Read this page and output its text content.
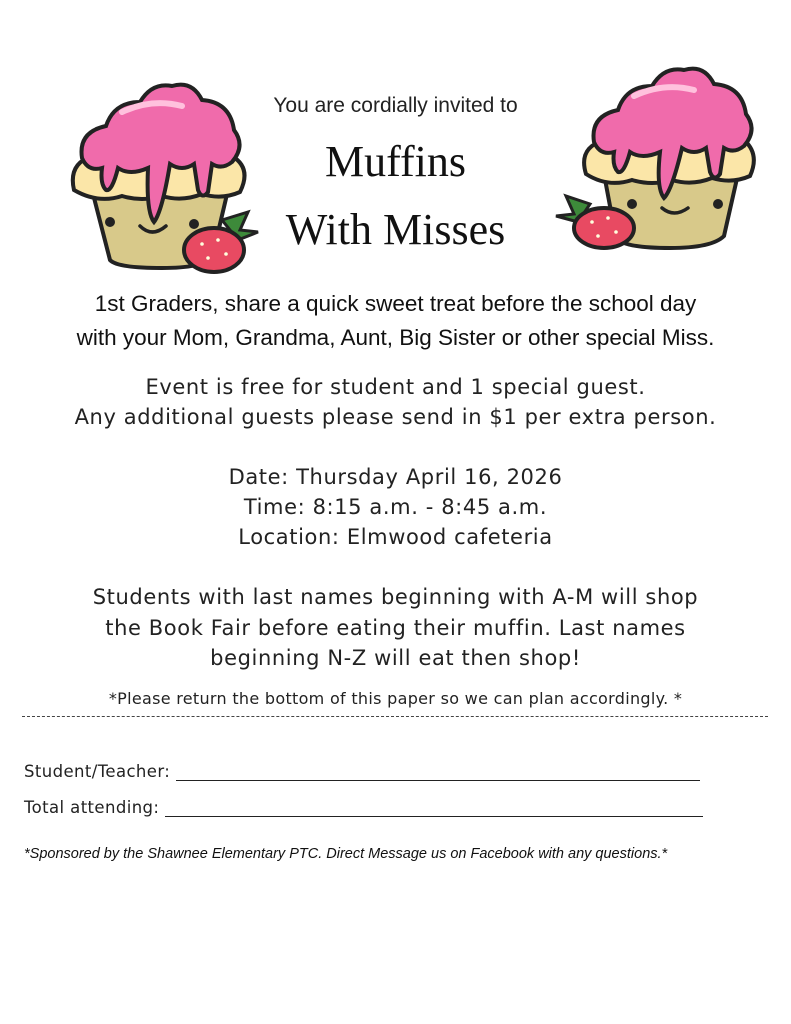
You are cordially invited to
Muffins
With Misses
1st Graders, share a quick sweet treat before the school day
with your Mom, Grandma, Aunt, Big Sister or other special Miss.
Event is free for student and 1 special guest.
Any additional guests please send in $1 per extra person.
Date: Thursday April 16, 2026
Time: 8:15 a.m. - 8:45 a.m.
Location: Elmwood cafeteria
Students with last names beginning with A-M will shop
the Book Fair before eating their muffin. Last names
beginning N-Z will eat then shop!
*Please return the bottom of this paper so we can plan accordingly. *
Student/Teacher:
Total attending:
*Sponsored by the Shawnee Elementary PTC. Direct Message us on Facebook with any questions.*
